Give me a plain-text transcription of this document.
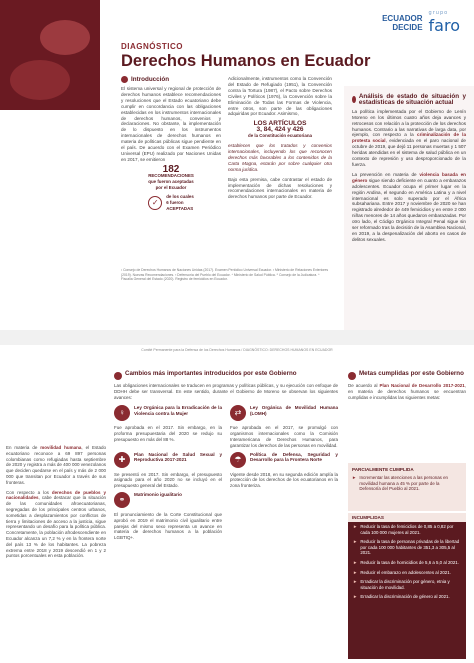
ECUADOR
DECIDE
grupo
faro
DIAGNÓSTICO
Derechos Humanos en Ecuador
Introducción

El sistema universal y regional de protección de derechos humanos establece recomendaciones y resoluciones que el Estado ecuatoriano debe cumplir en concordancia con las obligaciones establecidas en los instrumentos internacionales de derechos humanos, convenios y declaraciones. No obstante, la implementación de lo dispuesto en los instrumentos internacionales de derechos humanos en materia de políticas públicas sigue pendiente en el país. De acuerdo con el Examen Periódico Universal (EPU) realizado por Naciones Unidas en 2017, se emitieron

182
RECOMENDACIONES
que fueron aceptadas
por el Ecuador
✓
de los cuales
6 fueron
ACEPTADAS

Adicionalmente, instrumentos como la Convención del Estado de Refugiado (1951), la Convención contra la Tortura (1987), el Pacto sobre Derechos Civiles y Políticos (1976), la Convención sobre la Eliminación de Todas las Formas de Violencia, entre otros, son parte de las obligaciones adquiridas por Ecuador. Asimismo,

LOS ARTÍCULOS
3, 84, 424 y 426
de la Constitución ecuatoriana

establecen que los tratados y convenios internacionales, incluyendo los que reconocen derechos más favorables a los contenidos de la Carta Magna, estarán por sobre cualquier otra norma jurídica.

Bajo esta premisa, cabe contrastar el estado de implementación de dichas resoluciones y recomendaciones internacionales en materia de derechos humanos por parte de Ecuador.

Análisis de estado de situación y estadísticas de situación actual

La política implementada por el Gobierno de Lenín Moreno en los últimos cuatro años deja avances y retrocesos con relación a la protección de los derechos humanos. Contrario a las narrativas de larga data, por ejemplo, con respecto a la criminalización de la protesta social, evidenciada en el paro nacional de octubre de 2019, que dejó 11 personas muertas y 1 507 heridas atendidas en el sistema de salud pública en un contexto de represión y uso desproporcionado de la fuerza.

La prevención en materia de violencia basada en género sigue siendo deficiente en cuanto a embarazos adolescentes. Ecuador ocupa el primer lugar en la región Andina, el segundo en América Latina y a nivel internacional es solo superado por el África subsahariana. Entre 2017 y noviembre de 2020 se han registrado alrededor de 449 femicidios y en entre 2 000 niñas menores de 14 años quedaron embarazadas. Por otro lado, el Código Orgánico Integral Penal sigue sin ser reformado tras la decisión de la Asamblea Nacional, en 2019, a la despenalización del aborto en casos de delitos sexuales.

¹ Consejo de Derechos Humanos de Naciones Unidas (2017). Examen Periódico Universal Ecuador. ² Ministerio de Relaciones Exteriores (2019). Nuevas Recomendaciones. ³ Defensoría del Pueblo del Ecuador. ⁴ Ministerio de Salud Pública. ⁵ Consejo de la Judicatura. ⁶ Fiscalía General del Estado (2020). Registro de femicidios en Ecuador.
Comité Permanente para la Defensa de los Derechos Humanos / DIAGNÓSTICO: DERECHOS HUMANOS EN ECUADOR

En materia de movilidad humana, el Estado ecuatoriano reconoce a 69 897 personas colombianas como refugiadas hasta septiembre de 2020 y registra a más de 400 000 venezolanos que deciden quedarse en el país y más de 2 000 000 que transitan por Ecuador a través de sus fronteras.

Con respecto a los derechos de pueblos y nacionalidades, cabe destacar que la situación de las comunidades afroecuatorianas, segregadas de los principales centros urbanos, sometidas a desplazamientos por conflictos de tierra y limitaciones de acceso a la justicia, sigue representando un desafío para la política pública. Concretamente, la población afrodescendiente en Ecuador alcanza un 7,2 % y en la frontera norte del país 13 % de los habitantes. La pobreza extrema entre 2018 y 2019 descendió en 1 y 2 puntos porcentuales en esta población.

Cambios más importantes introducidos por este Gobierno

Las obligaciones internacionales se traducen en programas y políticas públicas, y su ejecución con enfoque de DDHH debe ser transversal. En este sentido, durante el Gobierno de Moreno se observan los siguientes avances:

♀
Ley Orgánica para la Erradicación de la Violencia contra la Mujer

Fue aprobada en el 2017. Sin embargo, en la proforma presupuestaria del 2020 se redujo su presupuesto en más del 88 %.

⇄
Ley Orgánica de Movilidad Humana (LOMH)

Fue aprobada en el 2017, se promulgó con organismos internacionales como la Comisión Interamericana de Derechos Humanos, para garantizar los derechos de las personas en movilidad.

✚
Plan Nacional de Salud Sexual y Reproductiva 2017-2021

Se presentó en 2017. Sin embargo, el presupuesto asignado para el año 2020 no se incluyó en el presupuesto general del Estado.

☂
Política de Defensa, Seguridad y Desarrollo para la Frontera Norte

Vigente desde 2018, en su segunda edición amplía la protección de los derechos de los ecuatorianos en la zona fronteriza.

⚭
Matrimonio igualitario

El pronunciamiento de la Corte Constitucional que aprobó en 2019 el matrimonio civil igualitario entre parejas del mismo sexo representa un avance en materia de derechos humanos a la población LGBTIQ+.

Metas cumplidas por este Gobierno

De acuerdo al Plan Nacional de Desarrollo 2017-2021, en materia de derechos humanos se encuentran cumplidas e incumplidas las siguientes metas:

PARCIALMENTE CUMPLIDA
► Incrementar las atenciones a las personas en movilidad humana a 45 % por parte de la Defensoría del Pueblo al 2021.
INCUMPLIDAS
► Reducir la tasa de femicidios de 0,85 a 0,82 por cada 100 000 mujeres al 2021.
► Reducir la tasa de personas privadas de la libertad por cada 100 000 habitantes de 351,3 a 305,5 al 2021.
► Reducir la tasa de homicidios de 5,6 a 5,0 al 2021.
► Reducir el embarazo en adolescentes al 2021.
► Erradicar la discriminación por género, etnia y situación de movilidad.
► Erradicar la discriminación de género al 2021.
